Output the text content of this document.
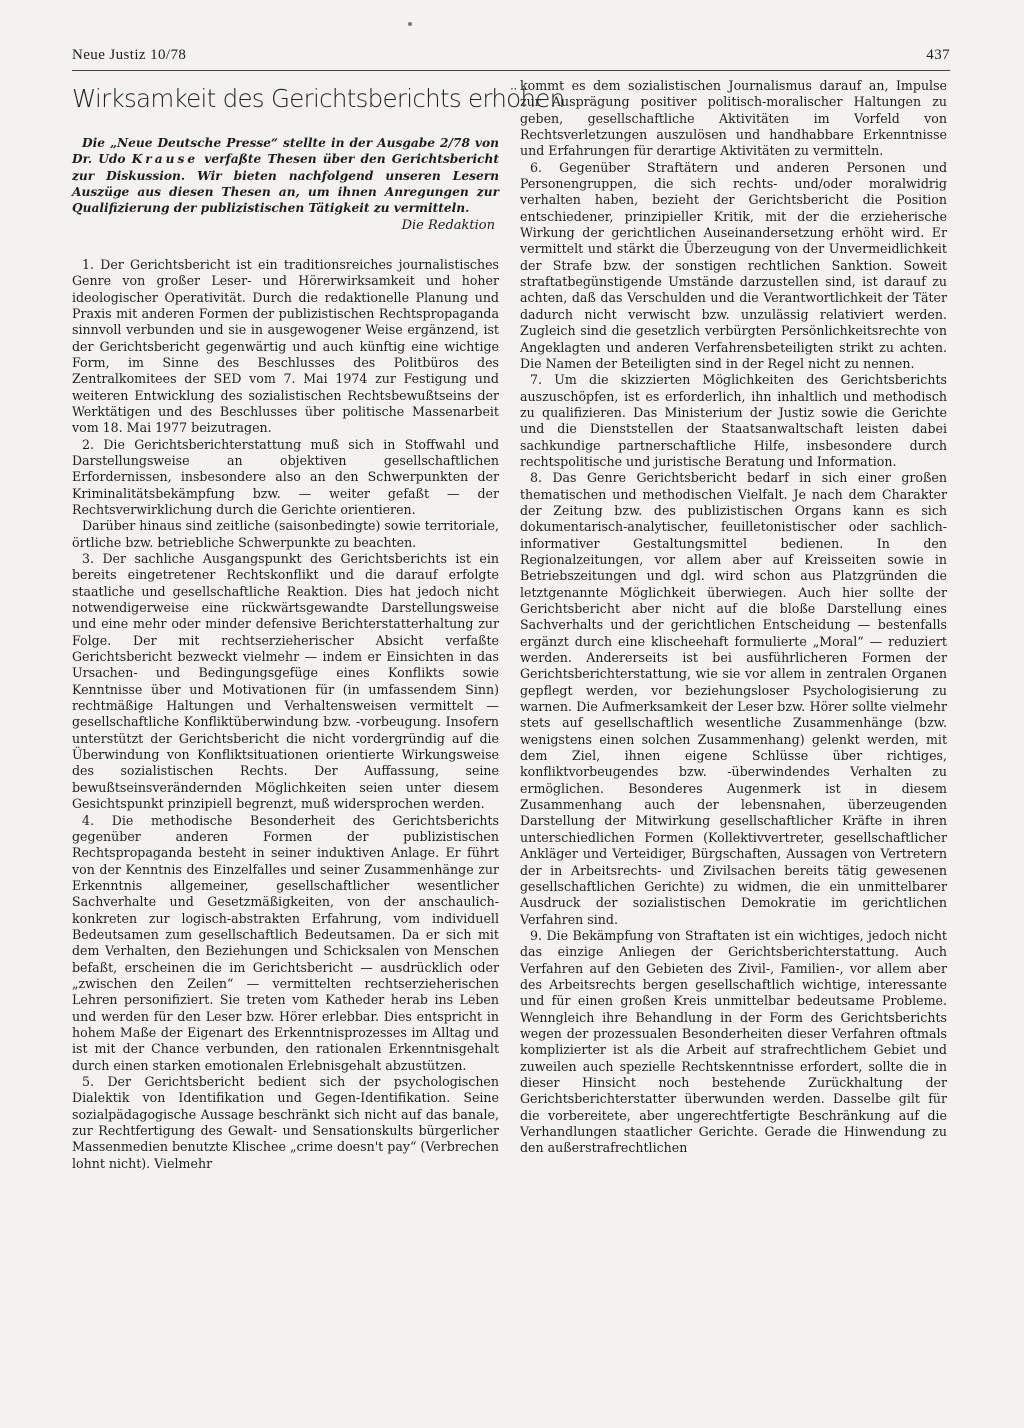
Neue Justiz 10/78	437
Wirksamkeit des Gerichtsberichts erhöhen

Die „Neue Deutsche Presse“ stellte in der Ausgabe 2/78 von Dr. Udo Krause verfaßte Thesen über den Gerichtsbericht zur Diskussion. Wir bieten nachfolgend unseren Lesern Auszüge aus diesen Thesen an, um ihnen Anregungen zur Qualifizierung der publizistischen Tätigkeit zu vermitteln.

Die Redaktion

1. Der Gerichtsbericht ist ein traditionsreiches journalistisches Genre von großer Leser- und Hörerwirksamkeit und hoher ideologischer Operativität. Durch die redaktionelle Planung und Praxis mit anderen Formen der publizistischen Rechtspropaganda sinnvoll verbunden und sie in ausgewogener Weise ergänzend, ist der Gerichtsbericht gegenwärtig und auch künftig eine wichtige Form, im Sinne des Beschlusses des Politbüros des Zentralkomitees der SED vom 7. Mai 1974 zur Festigung und weiteren Entwicklung des sozialistischen Rechtsbewußtseins der Werktätigen und des Beschlusses über politische Massenarbeit vom 18. Mai 1977 beizutragen.

2. Die Gerichtsberichterstattung muß sich in Stoffwahl und Darstellungsweise an objektiven gesellschaftlichen Erfordernissen, insbesondere also an den Schwerpunkten der Kriminalitätsbekämpfung bzw. — weiter gefaßt — der Rechtsverwirklichung durch die Gerichte orientieren.

Darüber hinaus sind zeitliche (saisonbedingte) sowie territoriale, örtliche bzw. betriebliche Schwerpunkte zu beachten.

3. Der sachliche Ausgangspunkt des Gerichtsberichts ist ein bereits eingetretener Rechtskonflikt und die darauf erfolgte staatliche und gesellschaftliche Reaktion. Dies hat jedoch nicht notwendigerweise eine rückwärtsgewandte Darstellungsweise und eine mehr oder minder defensive Berichterstatterhaltung zur Folge. Der mit rechtserzieherischer Absicht verfaßte Gerichtsbericht bezweckt vielmehr — indem er Einsichten in das Ursachen- und Bedingungsgefüge eines Konflikts sowie Kenntnisse über und Motivationen für (in umfassendem Sinn) rechtmäßige Haltungen und Verhaltensweisen vermittelt — gesellschaftliche Konfliktüberwindung bzw. -vorbeugung. Insofern unterstützt der Gerichtsbericht die nicht vordergründig auf die Überwindung von Konfliktsituationen orientierte Wirkungsweise des sozialistischen Rechts. Der Auffassung, seine bewußtseinsverändernden Möglichkeiten seien unter diesem Gesichtspunkt prinzipiell begrenzt, muß widersprochen werden.

4. Die methodische Besonderheit des Gerichtsberichts gegenüber anderen Formen der publizistischen Rechtspropaganda besteht in seiner induktiven Anlage. Er führt von der Kenntnis des Einzelfalles und seiner Zusammenhänge zur Erkenntnis allgemeiner, gesellschaftlicher wesentlicher Sachverhalte und Gesetzmäßigkeiten, von der anschaulich-konkreten zur logisch-abstrakten Erfahrung, vom individuell Bedeutsamen zum gesellschaftlich Bedeutsamen. Da er sich mit dem Verhalten, den Beziehungen und Schicksalen von Menschen befaßt, erscheinen die im Gerichtsbericht — ausdrücklich oder „zwischen den Zeilen“ — vermittelten rechtserzieherischen Lehren personifiziert. Sie treten vom Katheder herab ins Leben und werden für den Leser bzw. Hörer erlebbar. Dies entspricht in hohem Maße der Eigenart des Erkenntnisprozesses im Alltag und ist mit der Chance verbunden, den rationalen Erkenntnisgehalt durch einen starken emotionalen Erlebnisgehalt abzustützen.

5. Der Gerichtsbericht bedient sich der psychologischen Dialektik von Identifikation und Gegen-Identifikation. Seine sozialpädagogische Aussage beschränkt sich nicht auf das banale, zur Rechtfertigung des Gewalt- und Sensationskults bürgerlicher Massenmedien benutzte Klischee „crime doesn't pay“ (Verbrechen lohnt nicht). Vielmehr

kommt es dem sozialistischen Journalismus darauf an, Impulse zur Ausprägung positiver politisch-moralischer Haltungen zu geben, gesellschaftliche Aktivitäten im Vorfeld von Rechtsverletzungen auszulösen und handhabbare Erkenntnisse und Erfahrungen für derartige Aktivitäten zu vermitteln.

6. Gegenüber Straftätern und anderen Personen und Personengruppen, die sich rechts- und/oder moralwidrig verhalten haben, bezieht der Gerichtsbericht die Position entschiedener, prinzipieller Kritik, mit der die erzieherische Wirkung der gerichtlichen Auseinandersetzung erhöht wird. Er vermittelt und stärkt die Überzeugung von der Unvermeidlichkeit der Strafe bzw. der sonstigen rechtlichen Sanktion. Soweit straftatbegünstigende Umstände darzustellen sind, ist darauf zu achten, daß das Verschulden und die Verantwortlichkeit der Täter dadurch nicht verwischt bzw. unzulässig relativiert werden. Zugleich sind die gesetzlich verbürgten Persönlichkeitsrechte von Angeklagten und anderen Verfahrensbeteiligten strikt zu achten. Die Namen der Beteiligten sind in der Regel nicht zu nennen.

7. Um die skizzierten Möglichkeiten des Gerichtsberichts auszuschöpfen, ist es erforderlich, ihn inhaltlich und methodisch zu qualifizieren. Das Ministerium der Justiz sowie die Gerichte und die Dienststellen der Staatsanwaltschaft leisten dabei sachkundige partnerschaftliche Hilfe, insbesondere durch rechtspolitische und juristische Beratung und Information.

8. Das Genre Gerichtsbericht bedarf in sich einer großen thematischen und methodischen Vielfalt. Je nach dem Charakter der Zeitung bzw. des publizistischen Organs kann es sich dokumentarisch-analytischer, feuilletonistischer oder sachlich-informativer Gestaltungsmittel bedienen. In den Regionalzeitungen, vor allem aber auf Kreisseiten sowie in Betriebszeitungen und dgl. wird schon aus Platzgründen die letztgenannte Möglichkeit überwiegen. Auch hier sollte der Gerichtsbericht aber nicht auf die bloße Darstellung eines Sachverhalts und der gerichtlichen Entscheidung — bestenfalls ergänzt durch eine klischeehaft formulierte „Moral“ — reduziert werden. Andererseits ist bei ausführlicheren Formen der Gerichtsberichterstattung, wie sie vor allem in zentralen Organen gepflegt werden, vor beziehungsloser Psychologisierung zu warnen. Die Aufmerksamkeit der Leser bzw. Hörer sollte vielmehr stets auf gesellschaftlich wesentliche Zusammenhänge (bzw. wenigstens einen solchen Zusammenhang) gelenkt werden, mit dem Ziel, ihnen eigene Schlüsse über richtiges, konfliktvorbeugendes bzw. -überwindendes Verhalten zu ermöglichen. Besonderes Augenmerk ist in diesem Zusammenhang auch der lebensnahen, überzeugenden Darstellung der Mitwirkung gesellschaftlicher Kräfte in ihren unterschiedlichen Formen (Kollektivvertreter, gesellschaftlicher Ankläger und Verteidiger, Bürgschaften, Aussagen von Vertretern der in Arbeitsrechts- und Zivilsachen bereits tätig gewesenen gesellschaftlichen Gerichte) zu widmen, die ein unmittelbarer Ausdruck der sozialistischen Demokratie im gerichtlichen Verfahren sind.

9. Die Bekämpfung von Straftaten ist ein wichtiges, jedoch nicht das einzige Anliegen der Gerichtsberichterstattung. Auch Verfahren auf den Gebieten des Zivil-, Familien-, vor allem aber des Arbeitsrechts bergen gesellschaftlich wichtige, interessante und für einen großen Kreis unmittelbar bedeutsame Probleme. Wenngleich ihre Behandlung in der Form des Gerichtsberichts wegen der prozessualen Besonderheiten dieser Verfahren oftmals komplizierter ist als die Arbeit auf strafrechtlichem Gebiet und zuweilen auch spezielle Rechtskenntnisse erfordert, sollte die in dieser Hinsicht noch bestehende Zurückhaltung der Gerichtsberichterstatter überwunden werden. Dasselbe gilt für die vorbereitete, aber ungerechtfertigte Beschränkung auf die Verhandlungen staatlicher Gerichte. Gerade die Hinwendung zu den außerstrafrechtlichen
